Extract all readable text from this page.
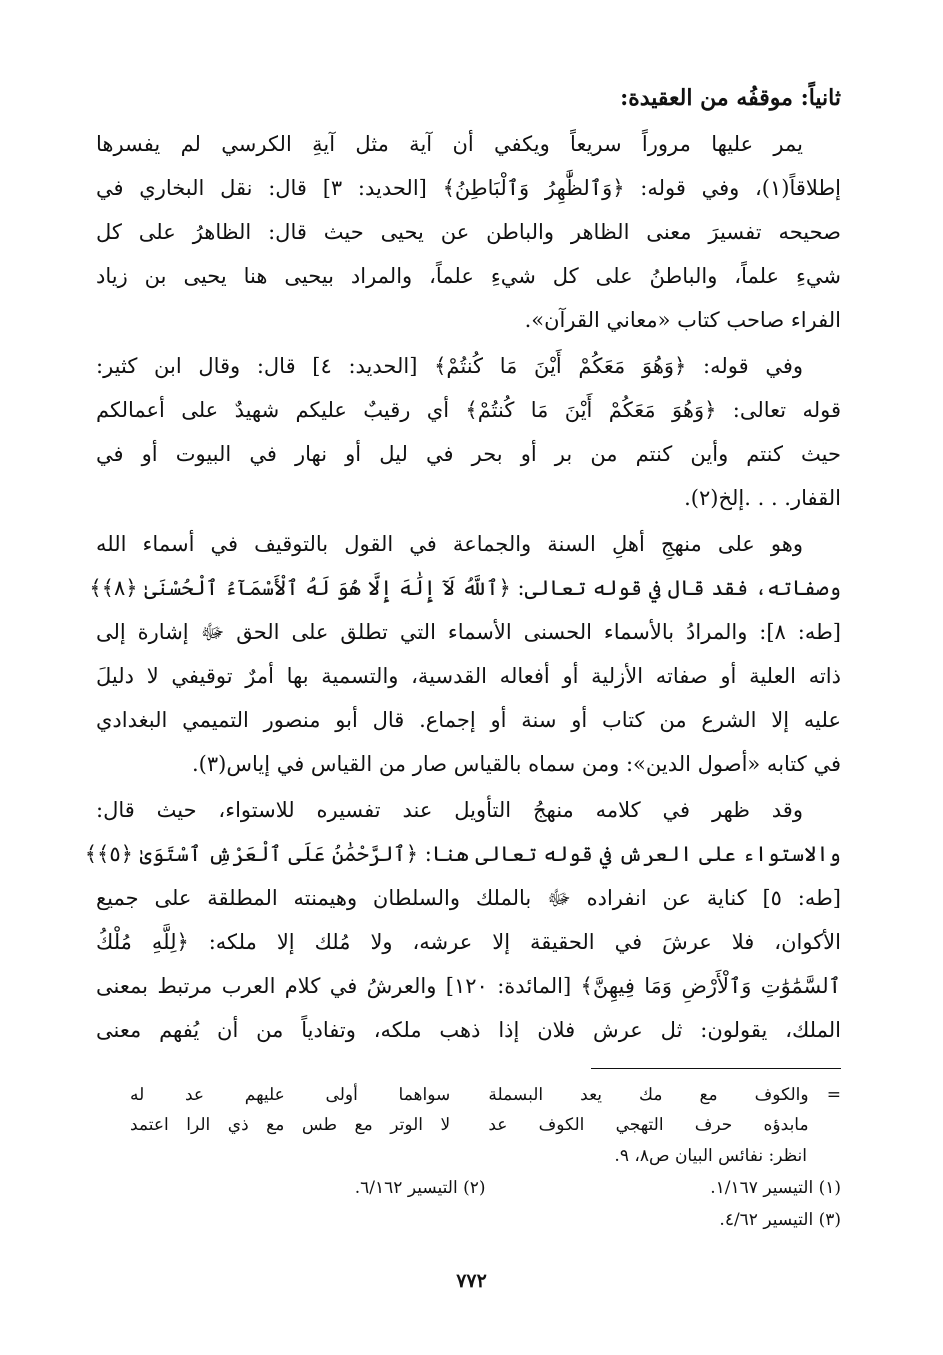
ثانياً: موقفُه من العقيدة:
يمر عليها مروراً سريعاً ويكفي أن آية مثل آيةِ الكرسي لم يفسرها
إطلاقاً(١)، وفي قوله: ﴿وَٱلظَّٰهِرُ وَٱلْبَاطِنُ﴾ [الحديد: ٣] قال: نقل البخاري في
صحيحه تفسيرَ معنى الظاهر والباطن عن يحيى حيث قال: الظاهرُ على كل
شيءِ علماً، والباطنُ على كل شيءِ علماً، والمراد بيحيى هنا يحيى بن زياد
الفراء صاحب كتاب «معاني القرآن».
وفي قوله: ﴿وَهُوَ مَعَكُمْ أَيْنَ مَا كُنتُمْ﴾ [الحديد: ٤] قال: وقال ابن كثير:
قوله تعالى: ﴿وَهُوَ مَعَكُمْ أَيْنَ مَا كُنتُمْ﴾ أي رقيبٌ عليكم شهيدٌ على أعمالكم
حيث كنتم وأين كنتم من بر أو بحر في ليل أو نهار في البيوت أو في
القفار. . . .إلخ(٢).
وهو على منهجِ أهلِ السنة والجماعة في القول بالتوقيف في أسماء الله
وصفاته، فقد قال في قوله تعالى: ﴿ٱللَّهُ لَآ إِلَٰهَ إِلَّا هُوَ لَهُ ٱلْأَسْمَآءُ ٱلْحُسْنَىٰ ﴿٨﴾﴾
[طه: ٨]: والمرادُ بالأسماء الحسنى الأسماء التي تطلق على الحق ﷻ إشارة إلى
ذاته العلية أو صفاته الأزلية أو أفعاله القدسية، والتسمية بها أمرٌ توقيفي لا دليلَ
عليه إلا الشرع من كتاب أو سنة أو إجماع. قال أبو منصور التميمي البغدادي
في كتابه «أصول الدين»: ومن سماه بالقياس صار من القياس في إياس(٣).
وقد ظهر في كلامه منهجُ التأويل عند تفسيره للاستواء، حيث قال:
والاستواء على العرش في قوله تعالى هنا: ﴿ٱلرَّحْمَٰنُ عَلَى ٱلْعَرْشِ ٱسْتَوَىٰ ﴿٥﴾﴾
[طه: ٥] كناية عن انفراده ﷻ بالملك والسلطان وهيمنته المطلقة على جميع
الأكوان، فلا عرشَ في الحقيقة إلا عرشه، ولا مُلك إلا ملكه: ﴿لِلَّهِ مُلْكُ
ٱلسَّمَٰوَٰتِ وَٱلْأَرْضِ وَمَا فِيهِنَّ﴾ [المائدة: ١٢٠] والعرشُ في كلام العرب مرتبط بمعنى
الملك، يقولون: ثل عرش فلان إذا ذهب ملكه، وتفادياً من أن يُفهم معنى
=
والكوف مع مك يعد البسملة
سواهما أولى عليهم عد له
مابدؤه حرف التهجي الكوف عد
لا الوتر مع طس مع ذي الرا اعتمد
انظر: نفائس البيان ص٨، ٩.
(١) التيسير ١/١٦٧.
(٢) التيسير ٦/١٦٢.
(٣) التيسير ٤/٦٢.
٧٧٢
